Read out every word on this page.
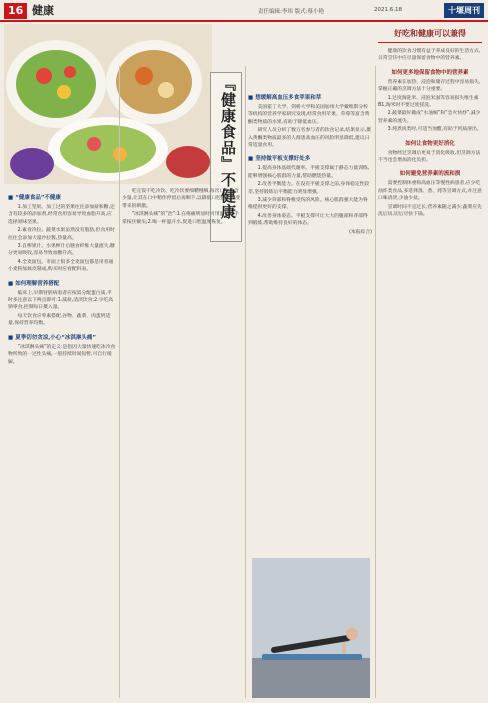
16 健康	责任编辑:李玮 版式:蔡小艳	2021.6.18	十堰周刊
『健康食品』不健康
■ “健康食品”不健康

1.加工坚果。加工过的坚果往往添加盐和糖,还含有较多的添加剂,经常食用容易导致血脂升高,应选择原味坚果。

2.素食冷拉。蔬菜水果虽然没有脂肪,但食用时往往会添加大量沙拉酱,热量高。

3.自榨果汁。水果榨汁后膳食纤维大量流失,糖分更易吸收,容易导致血糖升高。

4.全麦面包。市面上很多全麦面包都是用普通小麦粉加麸皮制成,购买时应看配料表。

■ 如何理解营养搭配

临床上,早期肾脏病患者应按需分配蛋白质,平时多注意以下两点即可:1.减盐,清淡饮食;2.少吃高钠零食,控制每日摄入量。

每天饮食应荤素搭配,谷物、蔬菜、肉蛋奶适量,保持营养均衡。

■ 夏季切勿贪凉,小心“冰淇淋头痛”

“冰淇淋头痛”的定义:是指因大量快速吃冰冷食物所致的一过性头痛,一般持续时间短暂,可自行缓解。

吃完饭不吃冷饮、吃冷饮要细嚼慢咽,每次口中只含少量,让其在口中稍作停留后再咽下,以降低口腔温度骤变带来的刺激。

“冰淇淋头痛”的“治”:1.在疼痛明显时可用温热的手掌按住额头;2.喝一杯温开水,促进口腔温度恢复。

■ 想缓解高血压多食苹果和草

美国霍丁大学、剑桥大学和美国加州大学戴维斯分校等机构的营养学家研究发现,经常食用苹果、草莓等富含黄酮类物质的水果,有助于降低血压。

研究人员分析了数万名参与者的饮食记录,结果显示,摄入黄酮类物质最多的人群患高血压的风险明显降低,建议日常适量食用。

■ 坚持做平板支撑好处多

1.提高身体基础代谢率。平板支撑属于静态力量训练,能够增强核心肌群的力量,帮助燃烧热量。

2.改善平衡能力。在没有平板支撑之前,身体稳定性较差,坚持锻炼后平衡能力明显增强。

3.减少背部和脊椎受伤的风险。核心肌群强大能为脊椎提供更好的支撑。

4.改善身体姿态。平板支撑可让大大的腹部和背部得到锻炼,帮助维持良好的体态。

(本报综合)

好吃和健康可以兼得

健康的饮食习惯有益于养成良好的生活方式,日常烹饪中应尽量保留食物中的营养素。

如何更多地保留食物中的营养素

营养素在加热、浸泡和储存过程中容易损失,掌握正确的烹调方法十分重要。

1.过度淘洗米、浸泡米面等容易损失维生素B1,淘米时不要过度搓洗。

2.蔬菜最好做成“水油焖”和“急火快炒”,减少营养素的流失。

3.炖煮肉类时,可适当加醋,有助于钙质溶出。

如何让食物更好消化

食物经过烹调后更易于消化吸收,但烹调方法不当也会增加消化负担。

如何避免营养素的流和损

需要控制体重和高血压等慢性病患者,应少吃油炸类食品,多选择蒸、煮、炖等烹调方式,并注意口味清淡,少油少盐。

烹调时间不宜过长,营养素随之减少;蔬菜应先洗后切,切后尽快下锅。
